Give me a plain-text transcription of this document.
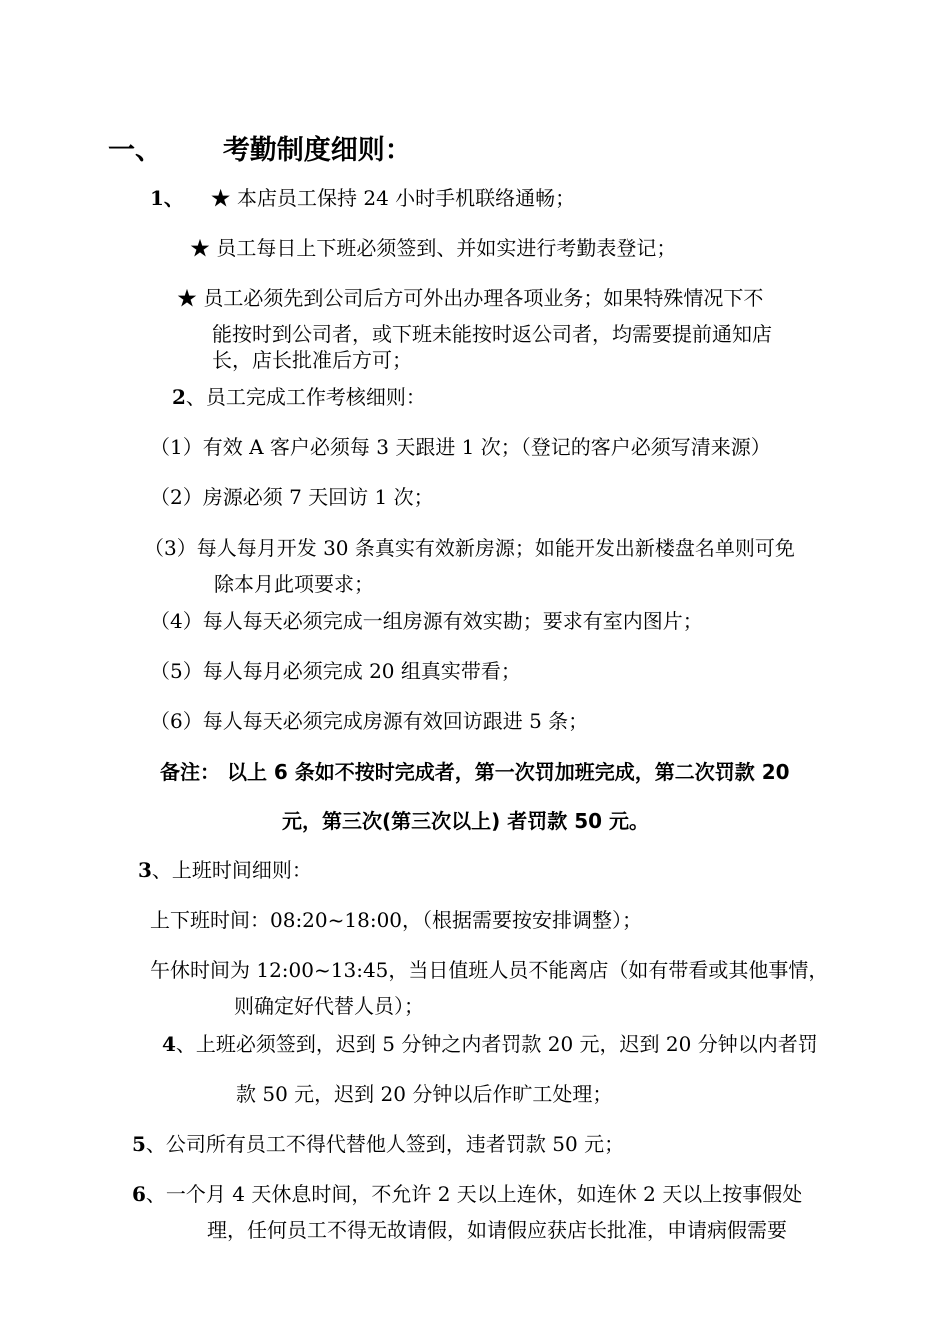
一、 考勤制度细则：
1、 ★ 本店员工保持 24 小时手机联络通畅；
★ 员工每日上下班必须签到、并如实进行考勤表登记；
★ 员工必须先到公司后方可外出办理各项业务；如果特殊情况下不
能按时到公司者，或下班未能按时返公司者，均需要提前通知店
长，店长批准后方可；
2、员工完成工作考核细则：
（1）有效 A 客户必须每 3 天跟进 1 次；（登记的客户必须写清来源）
（2）房源必须 7 天回访 1 次；
（3）每人每月开发 30 条真实有效新房源；如能开发出新楼盘名单则可免
除本月此项要求；
（4）每人每天必须完成一组房源有效实勘；要求有室内图片；
（5）每人每月必须完成 20 组真实带看；
（6）每人每天必须完成房源有效回访跟进 5 条；
备注： 以上 6 条如不按时完成者，第一次罚加班完成，第二次罚款 20
元，第三次(第三次以上) 者罚款 50 元。
3、上班时间细则：
上下班时间：08:20~18:00，（根据需要按安排调整）；
午休时间为 12:00~13:45，当日值班人员不能离店（如有带看或其他事情，
则确定好代替人员）；
4、上班必须签到，迟到 5 分钟之内者罚款 20 元，迟到 20 分钟以内者罚
款 50 元，迟到 20 分钟以后作旷工处理；
5、公司所有员工不得代替他人签到，违者罚款 50 元；
6、一个月 4 天休息时间，不允许 2 天以上连休，如连休 2 天以上按事假处
理，任何员工不得无故请假，如请假应获店长批准，申请病假需要
